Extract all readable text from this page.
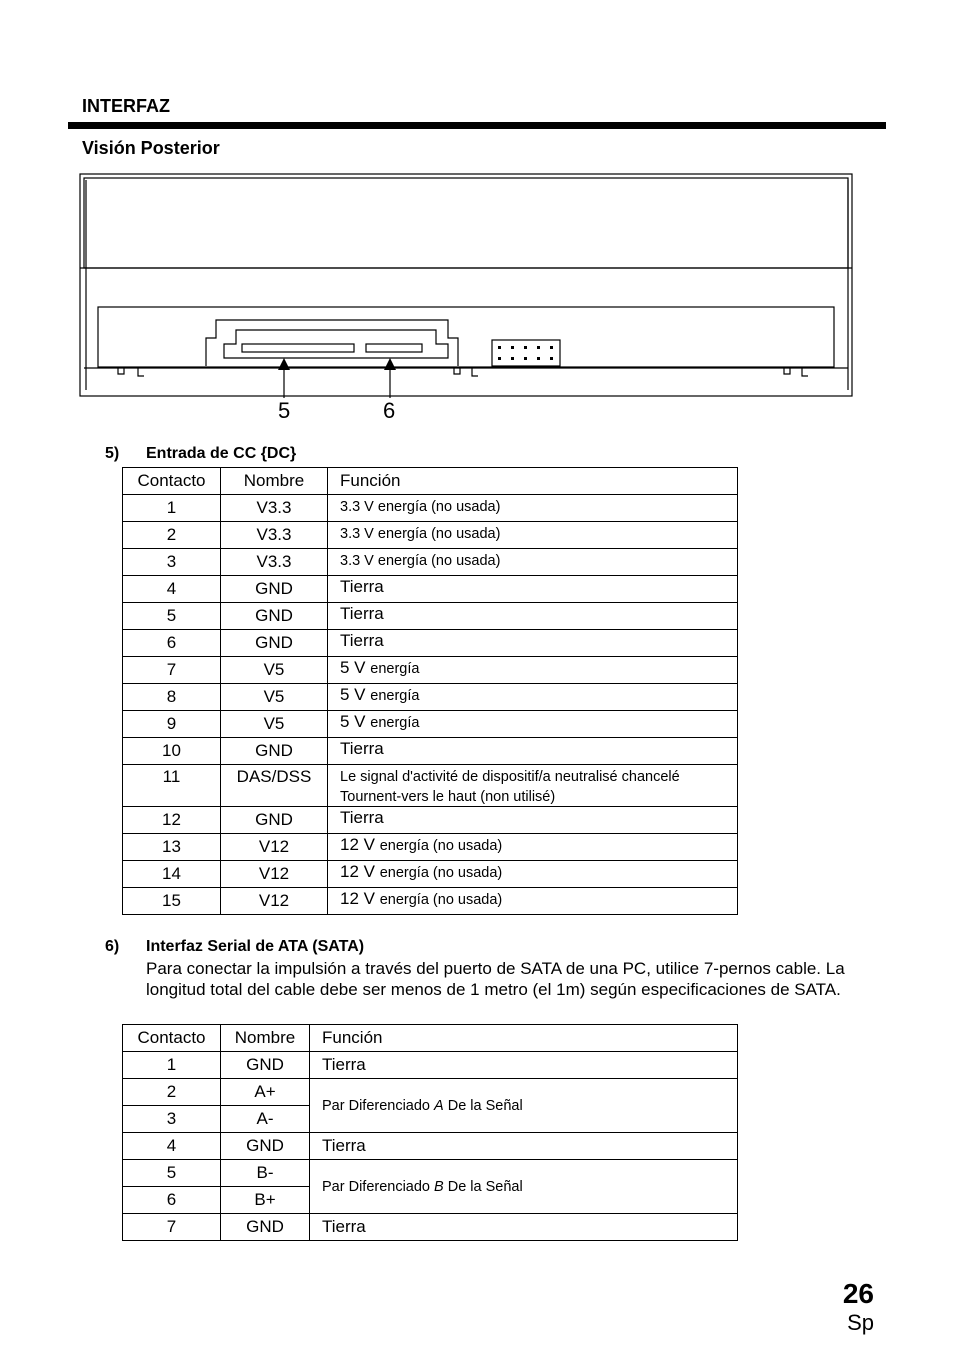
INTERFAZ
Visión Posterior
5	6
5) Entrada de CC {DC}
Contacto	Nombre	Función
1	V3.3	3.3 V energía (no usada)
2	V3.3	3.3 V energía (no usada)
3	V3.3	3.3 V energía (no usada)
4	GND	Tierra
5	GND	Tierra
6	GND	Tierra
7	V5	5 V energía
8	V5	5 V energía
9	V5	5 V energía
10	GND	Tierra
11	DAS/DSS	Le signal d'activité de dispositif/a neutralisé chancelé
Tournent-vers le haut (non utilisé)
12	GND	Tierra
13	V12	12 V energía (no usada)
14	V12	12 V energía (no usada)
15	V12	12 V energía (no usada)
6) Interfaz Serial de ATA (SATA)
Para conectar la impulsión a través del puerto de SATA de una PC, utilice 7-pernos cable. La longitud total del cable debe ser menos de 1 metro (el 1m) según especificaciones de SATA.
Contacto	Nombre	Función
1	GND	Tierra
2	A+	Par Diferenciado A De la Señal
3	A-	
4	GND	Tierra
5	B-	Par Diferenciado B De la Señal
6	B+	
7	GND	Tierra
26
Sp
